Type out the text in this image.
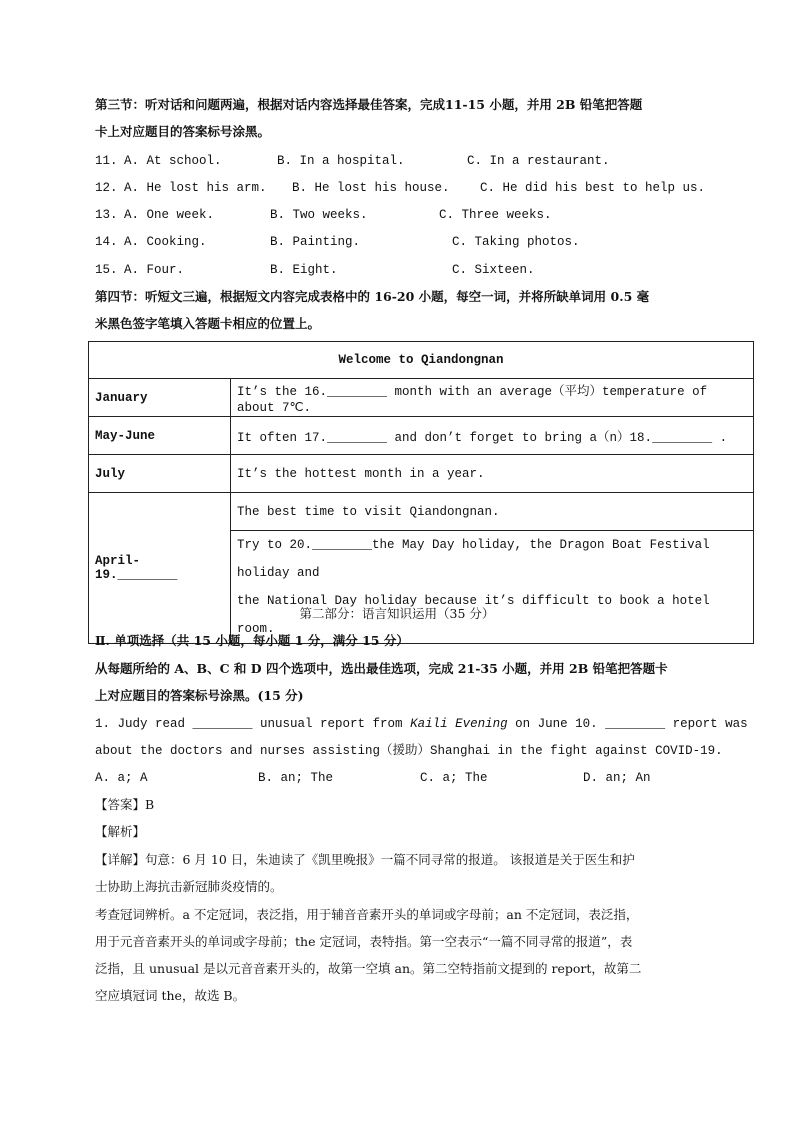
第三节：听对话和问题两遍，根据对话内容选择最佳答案，完成11-15 小题，并用 2B 铅笔把答题
卡上对应题目的答案标号涂黑。
11. A. At school.	B. In a hospital.	C. In a restaurant.
12. A. He lost his arm. B. He lost his house. C. He did his best to help us.
13. A. One week.	B. Two weeks.	C. Three weeks.
14. A. Cooking.	B. Painting.	C. Taking photos.
15. A. Four.	B. Eight.	C. Sixteen.
第四节：听短文三遍，根据短文内容完成表格中的 16-20 小题，每空一词，并将所缺单词用 0.5 毫
米黑色签字笔填入答题卡相应的位置上。
Welcome to Qiandongnan	
January	It’s the 16.________ month with an average（平均）temperature of about 7℃.
May-June	It often 17.________ and don’t forget to bring a（n）18.________ .
July	It’s the hottest month in a year.
April- 19.________	The best time to visit Qiandongnan.

	Try to 20.________the May Day holiday, the Dragon Boat Festival holiday and
the National Day holiday because it’s difficult to book a hotel room.
第二部分：语言知识运用（35 分）
Ⅱ. 单项选择（共 15 小题，每小题 1 分，满分 15 分）
从每题所给的 A、B、C 和 D 四个选项中，选出最佳选项，完成 21-35 小题，并用 2B 铅笔把答题卡
上对应题目的答案标号涂黑。(15 分)
1. Judy read ________ unusual report from Kaili Evening on June 10. ________ report was
about the doctors and nurses assisting（援助）Shanghai in the fight against COVID-19.
A. a; A	B. an; The	C. a; The	D. an; An
【答案】B
【解析】
【详解】句意：6 月 10 日，朱迪读了《凯里晚报》一篇不同寻常的报道。 该报道是关于医生和护
士协助上海抗击新冠肺炎疫情的。
考查冠词辨析。a 不定冠词，表泛指，用于辅音音素开头的单词或字母前；an 不定冠词，表泛指，
用于元音音素开头的单词或字母前；the 定冠词，表特指。第一空表示“一篇不同寻常的报道”，表
泛指，且 unusual 是以元音音素开头的，故第一空填 an。第二空特指前文提到的 report，故第二
空应填冠词 the，故选 B。
